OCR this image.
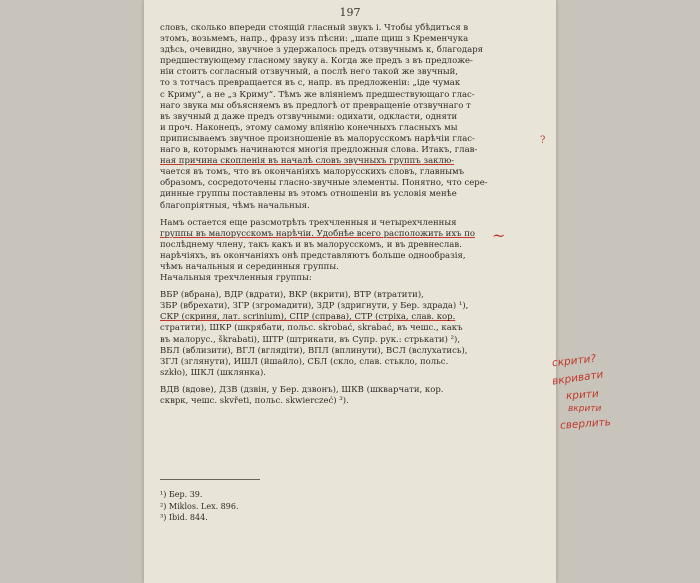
197
словъ, сколько впереди стоящій гласный звукъ і. Чтобы убѣдиться в
этомъ, возьмемъ, напр., фразу изъ пѣсни: „шапе щиш з Кременчука
здѣсь, очевидно, звучное з удержалось предъ отзвучнымъ к, благодаря
предшествующему гласному звуку а. Когда же предъ з въ предложе-
ніи стоитъ согласный отзвучный, а послѣ него такой же звучный,
то з тотчасъ превращается въ с, напр. въ предложеніи: „іде чумак
с Криму“, а не „з Криму“. Тѣмъ же вліяніемъ предшествующаго глас-
наго звука мы объясняемъ въ предлогѣ от превращеніе отзвучнаго т
въ звучный д даже предъ отзвучными: одихати, одкласти, одняти
и проч. Наконецъ, этому самому вліянію конечныхъ гласныхъ мы
приписываемъ звучное произношеніе въ малорусскомъ нарѣчіи глас-
наго в, которымъ начинаются многія предложныя слова. Итакъ, глав-
ная причина скопленія въ началѣ словъ звучныхъ группъ заклю-
чается въ томъ, что въ окончаніяхъ малорусскихъ словъ, главнымъ
образомъ, сосредоточены гласно-звучные элементы. Понятно, что сере-
динные группы поставлены въ этомъ отношеніи въ условія менѣе
благопріятныя, чѣмъ начальныя.
Намъ остается еще разсмотрѣть трехчленныя и четырехчленныя
группы въ малорусскомъ нарѣчіи. Удобнѣе всего расположить ихъ по
послѣднему члену, такъ какъ и въ малорусскомъ, и въ древнеслав.
нарѣчіяхъ, въ окончаніяхъ онѣ представляютъ больше однообразія,
чѣмъ начальныя и серединныя группы.
Начальныя трехчленныя группы:
ВБР (вбрана), ВДР (вдрати), ВКР (вкрити), ВТР (втратити),
ЗБР (вбрехати), ЗГР (згромадити), ЗДР (здригнути, у Бер. здрада) ¹),
СКР (скриня, лат. scrinium), СПР (справа), СТР (стріха, слав. кор.
стратити), ШКР (шкрябати, польс. skrobać, skrabać, въ чешс., какъ
въ малорус., škrabati), ШТР (штрикати, въ Супр. рук.: стрькати) ²),
ВБЛ (вблизити), ВГЛ (вглядіти), ВПЛ (вплинути), ВСЛ (вслухатись),
ЗГЛ (зглянути), ЙШЛ (йшайло), СБЛ (скло, слав. стькло, польс.
szkło), ШКЛ (шклянка).
ВДВ (вдове), ДЗВ (дзвін, у Бер. дзвонъ), ШКВ (шкварчати, кор.
скврк, чешс. skvřeti, польс. skwierczeć) ³).
¹) Бер. 39.
²) Miklos. Lex. 896.
³) Ibid. 844.
скрити?
вкривати
крити
вкрити
сверлить
?
~
